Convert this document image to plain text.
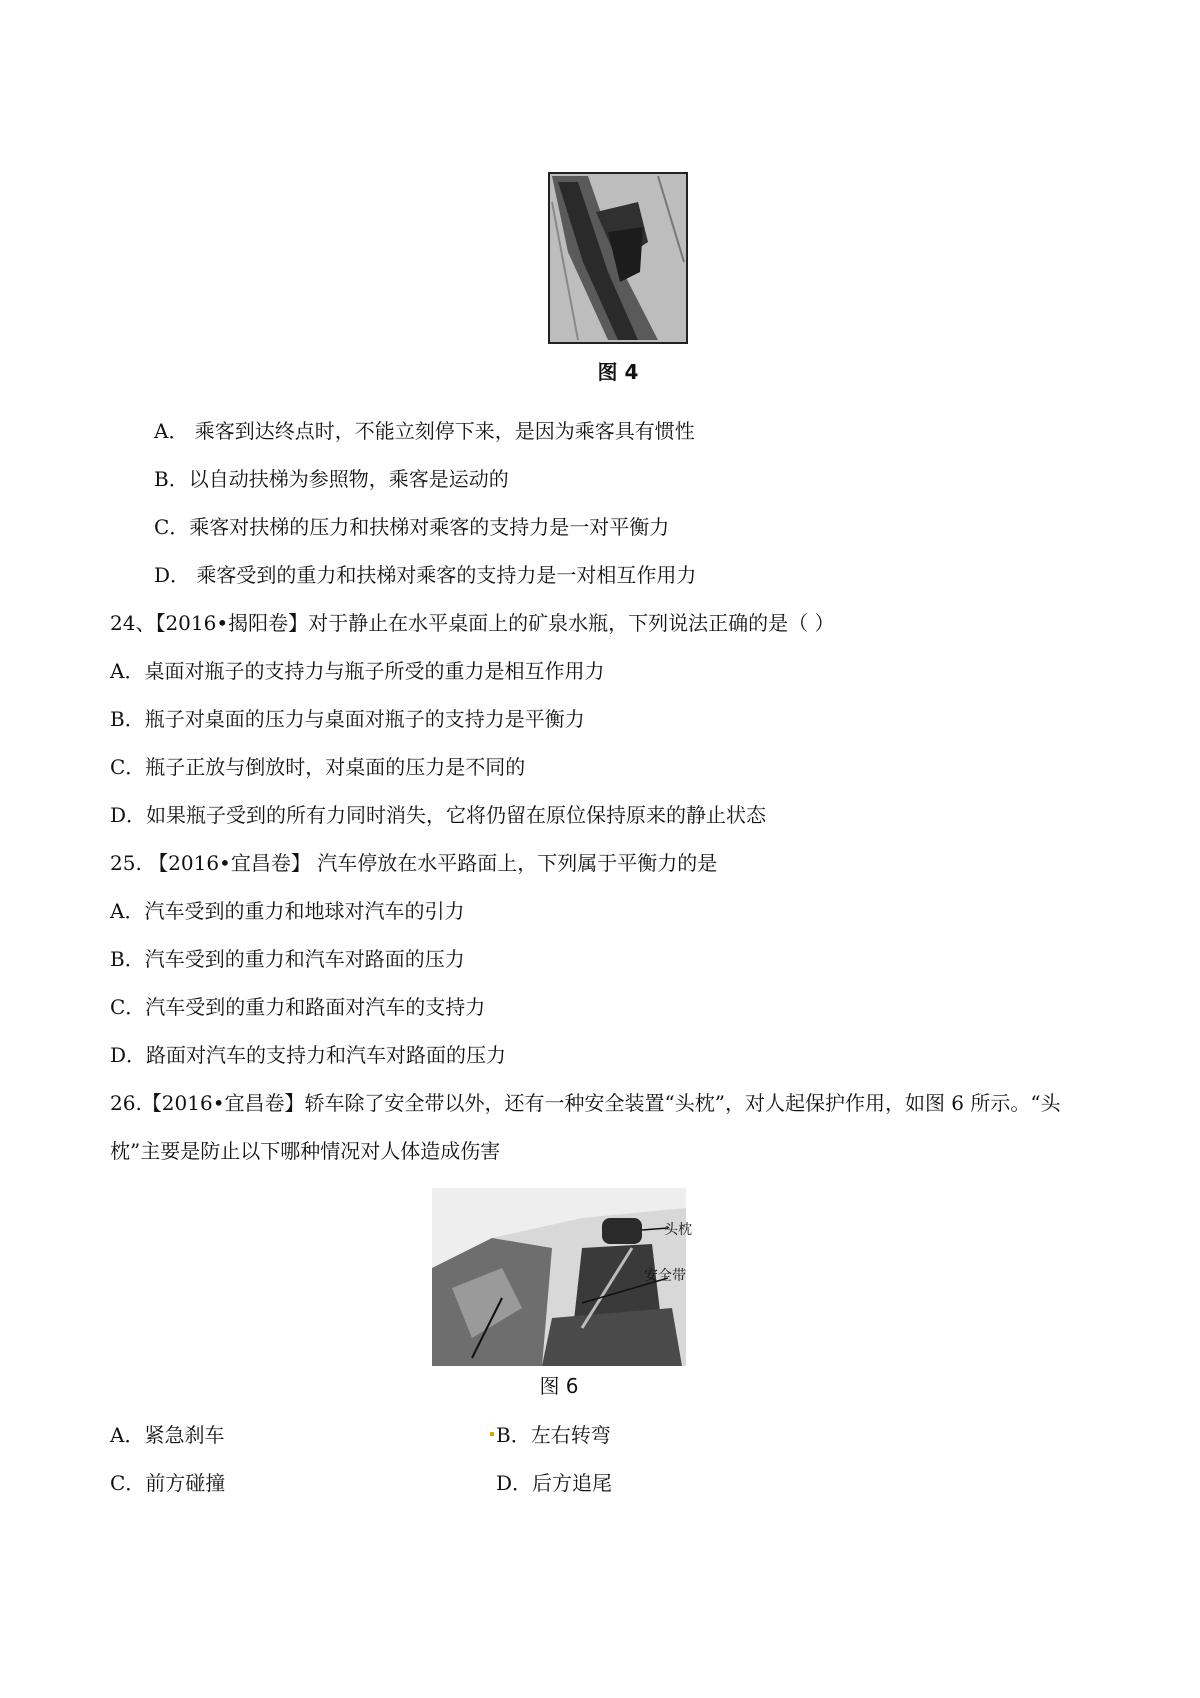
图 4
A． 乘客到达终点时，不能立刻停下来，是因为乘客具有惯性
B．以自动扶梯为参照物，乘客是运动的
C．乘客对扶梯的压力和扶梯对乘客的支持力是一对平衡力
D． 乘客受到的重力和扶梯对乘客的支持力是一对相互作用力
24、【2016•揭阳卷】对于静止在水平桌面上的矿泉水瓶，下列说法正确的是（ ）
A．桌面对瓶子的支持力与瓶子所受的重力是相互作用力
B．瓶子对桌面的压力与桌面对瓶子的支持力是平衡力
C．瓶子正放与倒放时，对桌面的压力是不同的
D．如果瓶子受到的所有力同时消失，它将仍留在原位保持原来的静止状态
25. 【2016•宜昌卷】 汽车停放在水平路面上，下列属于平衡力的是
A．汽车受到的重力和地球对汽车的引力
B．汽车受到的重力和汽车对路面的压力
C．汽车受到的重力和路面对汽车的支持力
D．路面对汽车的支持力和汽车对路面的压力
26.【2016•宜昌卷】轿车除了安全带以外，还有一种安全装置“头枕”，对人起保护作用，如图 6 所示。“头
枕”主要是防止以下哪种情况对人体造成伤害
头枕
安全带
图 6
A．紧急刹车	B．左右转弯
C．前方碰撞	D．后方追尾
